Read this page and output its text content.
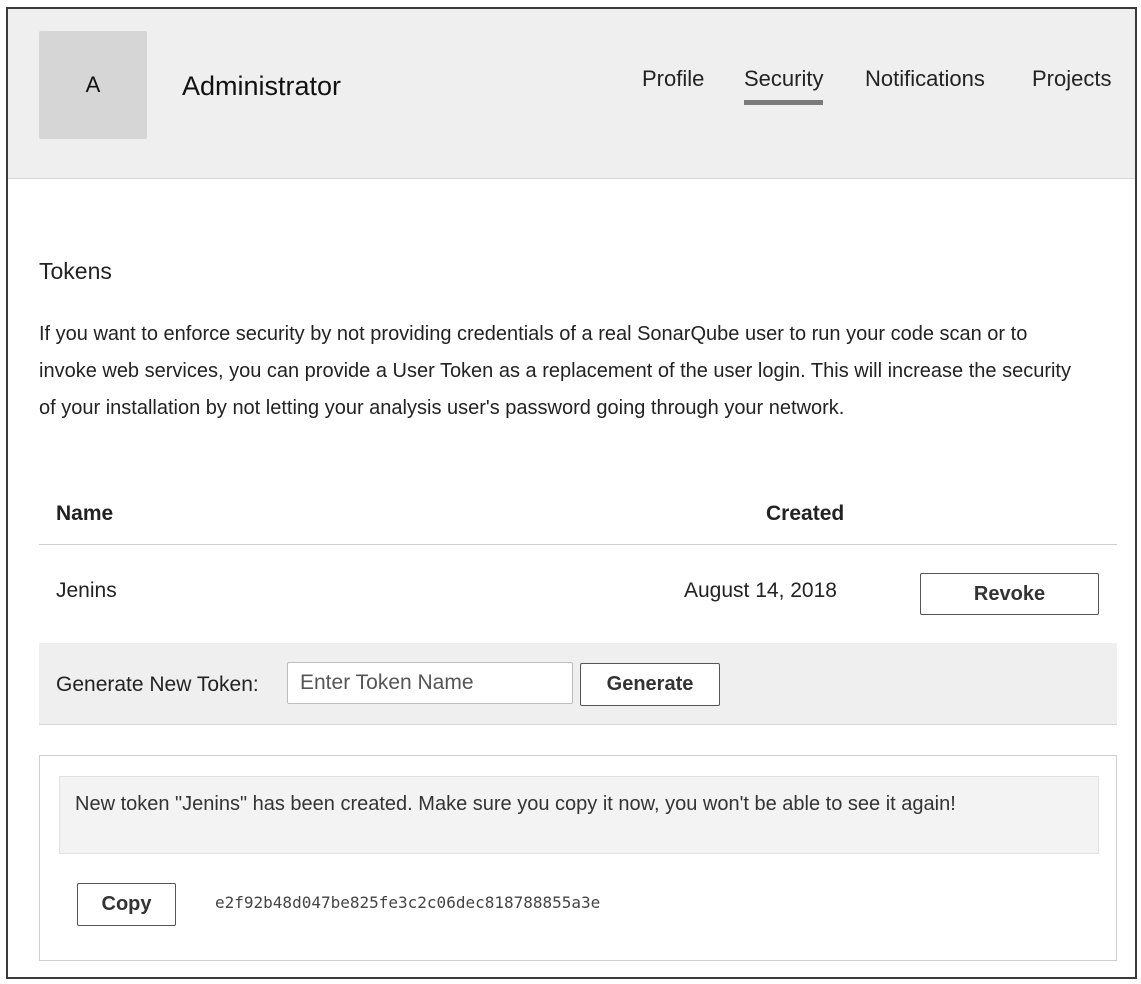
A	Administrator	Profile Security Notifications Projects
Tokens

If you want to enforce security by not providing credentials of a real SonarQube user to run your code scan or to invoke web services, you can provide a User Token as a replacement of the user login. This will increase the security of your installation by not letting your analysis user's password going through your network.

Name	Created
Jenins	August 14, 2018	Revoke
Generate New Token:
Enter Token Name	Generate
New token "Jenins" has been created. Make sure you copy it now, you won't be able to see it again!
Copy	e2f92b48d047be825fe3c2c06dec818788855a3e
